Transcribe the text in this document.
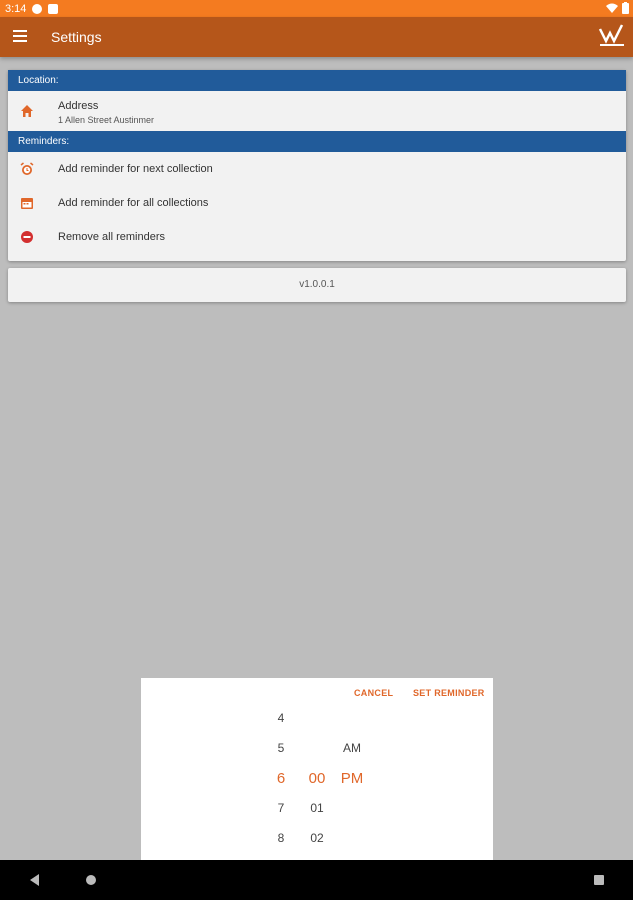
3:14
Settings
Location:
Address
1 Allen Street Austinmer
Reminders:
Add reminder for next collection
Add reminder for all collections
Remove all reminders
v1.0.0.1
CANCEL SET REMINDER
4
5
6
7
8
00
01
02
AM
PM
